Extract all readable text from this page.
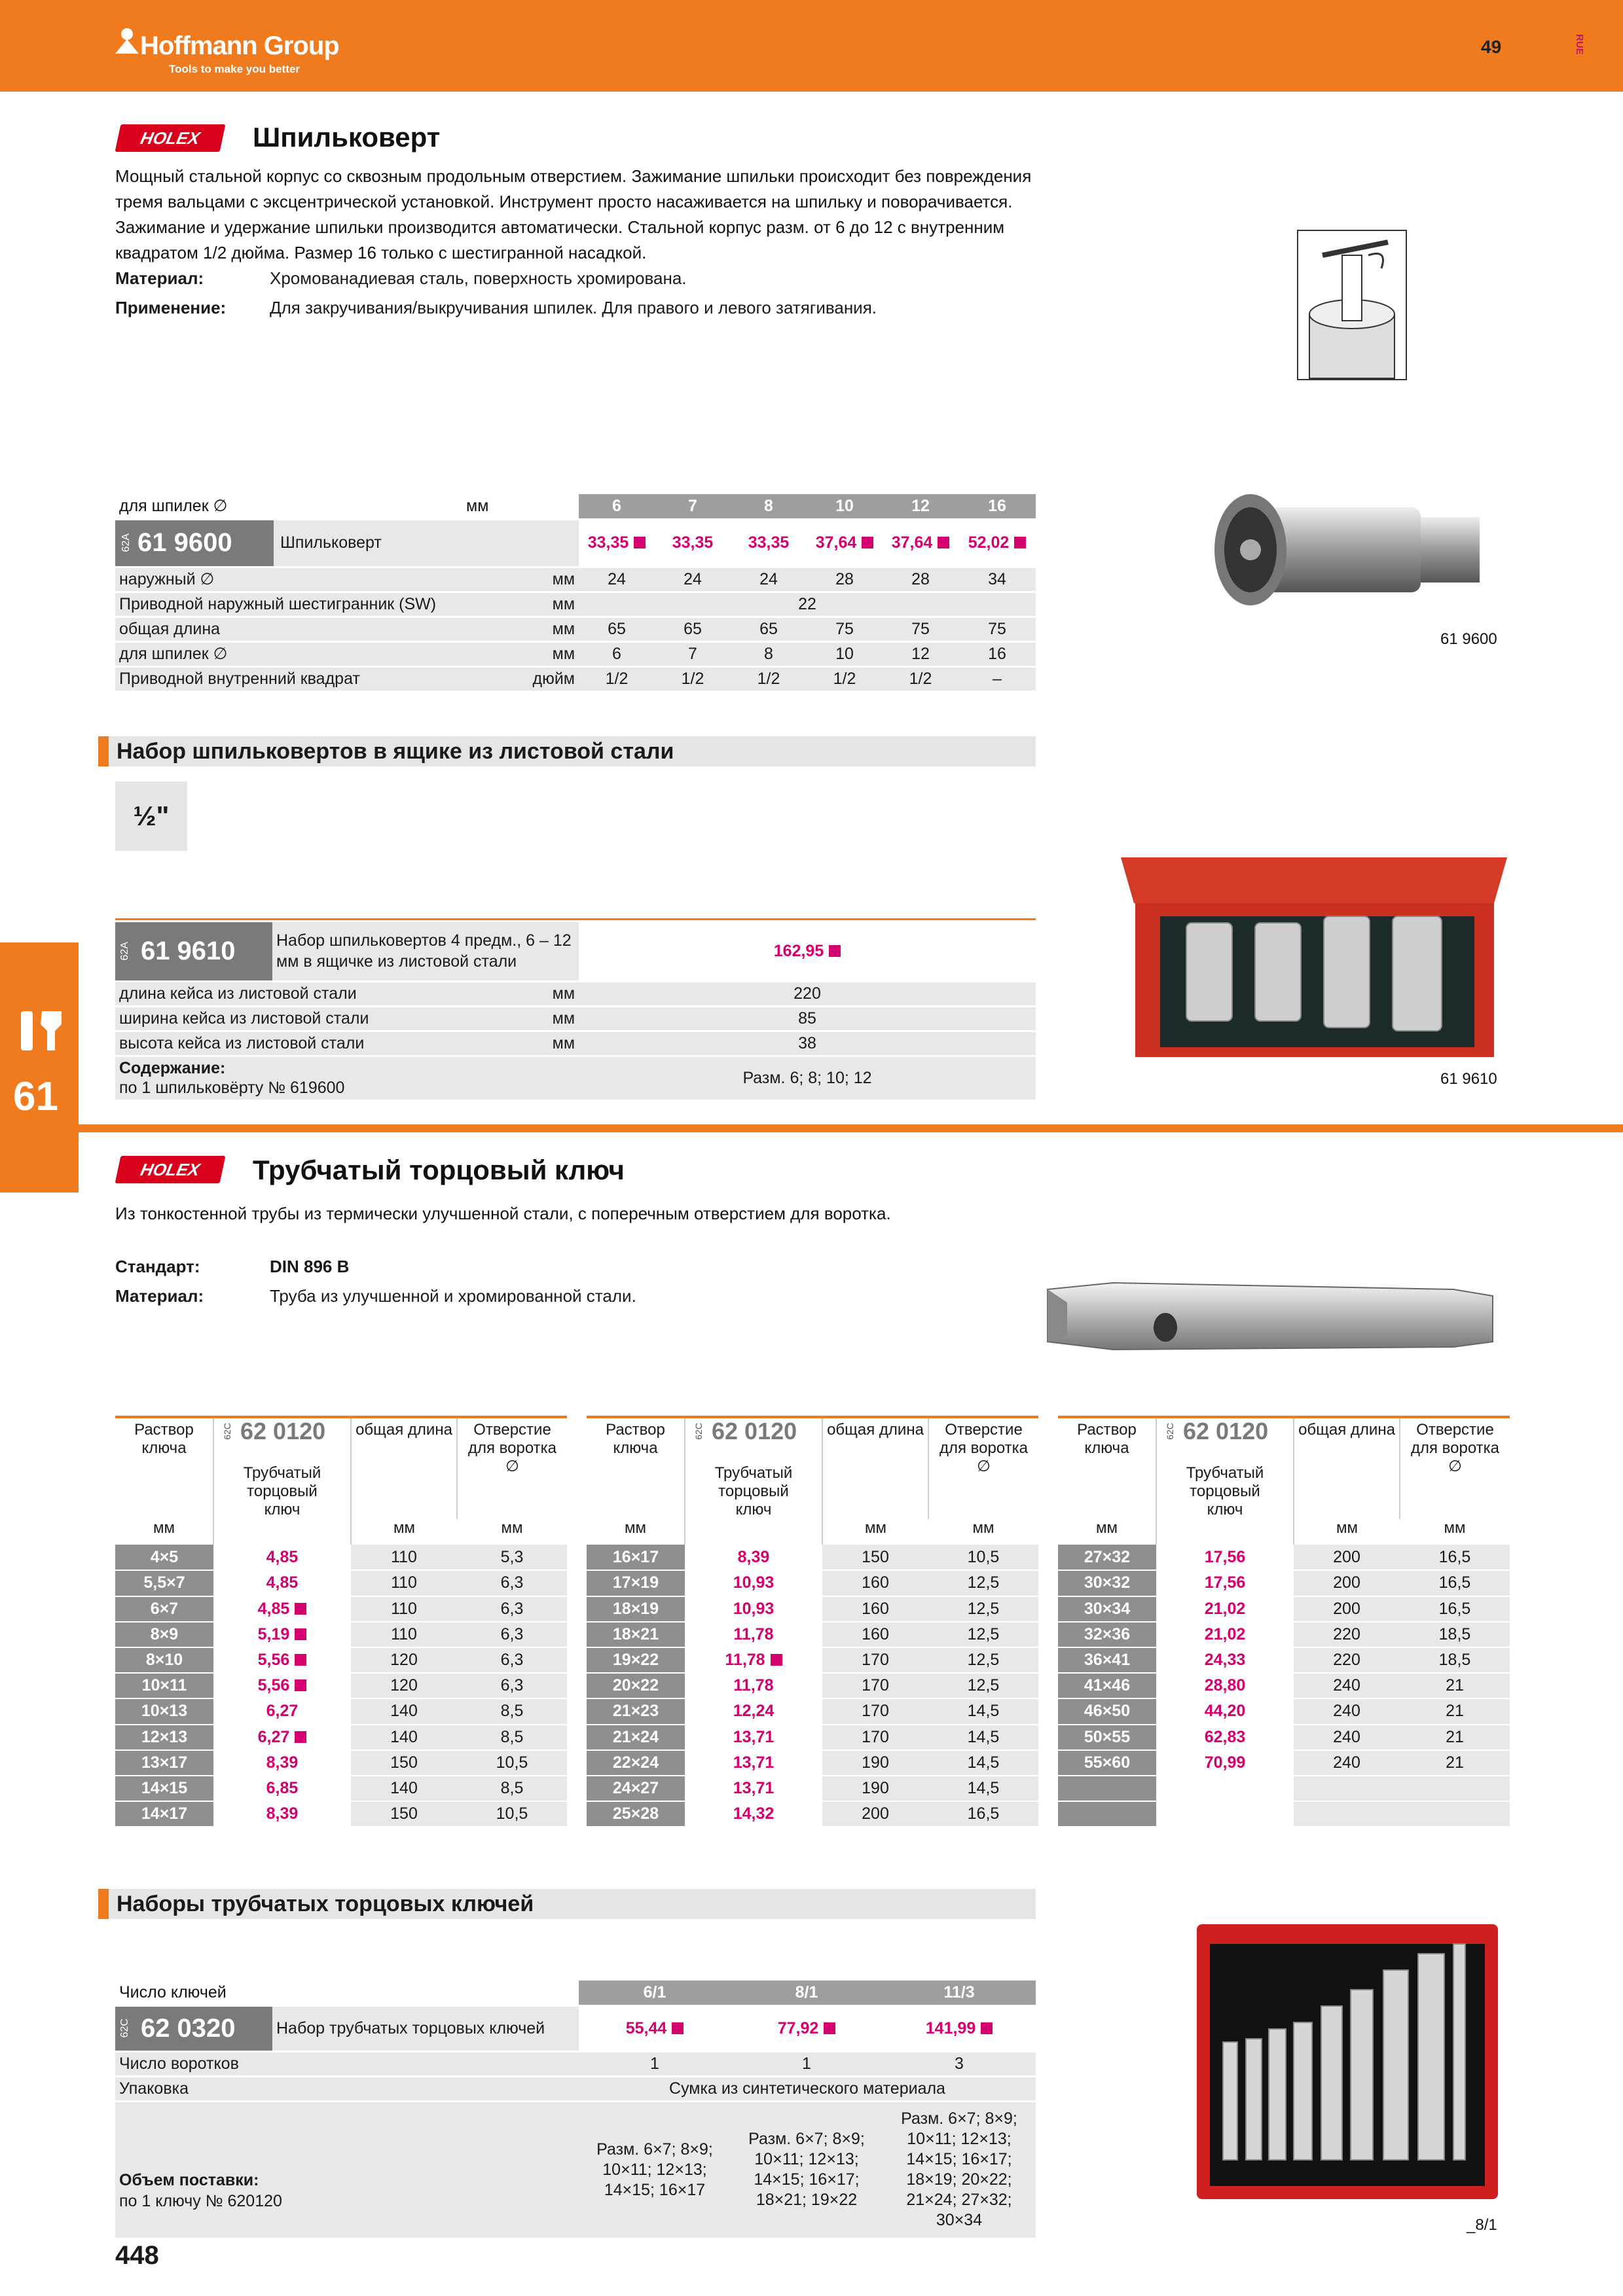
Hoffmann Group
Tools to make you better
49	RUE
HOLEX	Шпильковерт
Мощный стальной корпус со сквозным продольным отверстием. Зажимание шпильки происходит без повреждения тремя вальцами с эксцентрической установкой. Инструмент просто насаживается на шпильку и поворачивается. Зажимание и удержание шпильки производится автоматически. Стальной корпус разм. от 6 до 12 с внутренним квадратом 1/2 дюйма. Размер 16 только с шестигранной насадкой.
Материал:	Хромованадиевая сталь, поверхность хромирована.
Применение:	Для закручивания/выкручивания шпилек. Для правого и левого затягивания.
для шпилек ∅	мм	6	7	8	10	12	16

62A 61 9600 Шпильковерт		33,35	33,35	33,35	37,64	37,64	52,02
наружный ∅	мм	24	24	24	28	28	34
Приводной наружный шестигранник (SW)	мм	22					
общая длина	мм	65	65	65	75	75	75
для шпилек ∅	мм	6	7	8	10	12	16
Приводной внутренний квадрат	дюйм	1/2	1/2	1/2	1/2	1/2	–
61 9600
Набор шпильковертов в ящике из листовой стали
½"

62A 61 9610	Набор шпильковертов 4 предм., 6 – 12 мм в ящичке из листовой стали		162,95
длина кейса из листовой стали		мм	220
ширина кейса из листовой стали		мм	85
высота кейса из листовой стали		мм	38
Содержание:
по 1 шпильковёрту № 619600			Разм. 6; 8; 10; 12	61 9610
61
HOLEX	Трубчатый торцовый ключ
Из тонкостенной трубы из термически улучшенной стали, с поперечным отверстием для воротка.
Стандарт:	DIN 896 B
Материал:	Труба из улучшенной и хромированной стали.

Раствор ключа	62C 62 0120
Трубчатый торцовый ключ	общая длина	Отверстие для воротка ∅
мм		мм	мм
4×5	4,85	110	5,3
5,5×7	4,85	110	6,3
6×7	4,85	110	6,3
8×9	5,19	110	6,3
8×10	5,56	120	6,3
10×11	5,56	120	6,3
10×13	6,27	140	8,5
12×13	6,27	140	8,5
13×17	8,39	150	10,5
14×15	6,85	140	8,5
14×17	8,39	150	10,5

Раствор ключа	62C 62 0120
Трубчатый торцовый ключ	общая длина	Отверстие для воротка ∅
мм		мм	мм
16×17	8,39	150	10,5
17×19	10,93	160	12,5
18×19	10,93	160	12,5
18×21	11,78	160	12,5
19×22	11,78	170	12,5
20×22	11,78	170	12,5
21×23	12,24	170	14,5
21×24	13,71	170	14,5
22×24	13,71	190	14,5
24×27	13,71	190	14,5
25×28	14,32	200	16,5

Раствор ключа	62C 62 0120
Трубчатый торцовый ключ	общая длина	Отверстие для воротка ∅
мм		мм	мм
27×32	17,56	200	16,5
30×32	17,56	200	16,5
30×34	21,02	200	16,5
32×36	21,02	220	18,5
36×41	24,33	220	18,5
41×46	28,80	240	21
46×50	44,20	240	21
50×55	62,83	240	21
55×60	70,99	240	21

Наборы трубчатых торцовых ключей
Число ключей		6/1	8/1	11/3
62C 62 0320	Набор трубчатых торцовых ключей	55,44	77,92	141,99
Число воротков		1	1	3
Упаковка		Сумка из синтетического материала		
Объем поставки:
по 1 ключу № 620120		Разм. 6×7; 8×9; 10×11; 12×13; 14×15; 16×17	Разм. 6×7; 8×9; 10×11; 12×13; 14×15; 16×17; 18×21; 19×22	Разм. 6×7; 8×9; 10×11; 12×13; 14×15; 16×17; 18×19; 20×22; 21×24; 27×32; 30×34	_8/1
448
